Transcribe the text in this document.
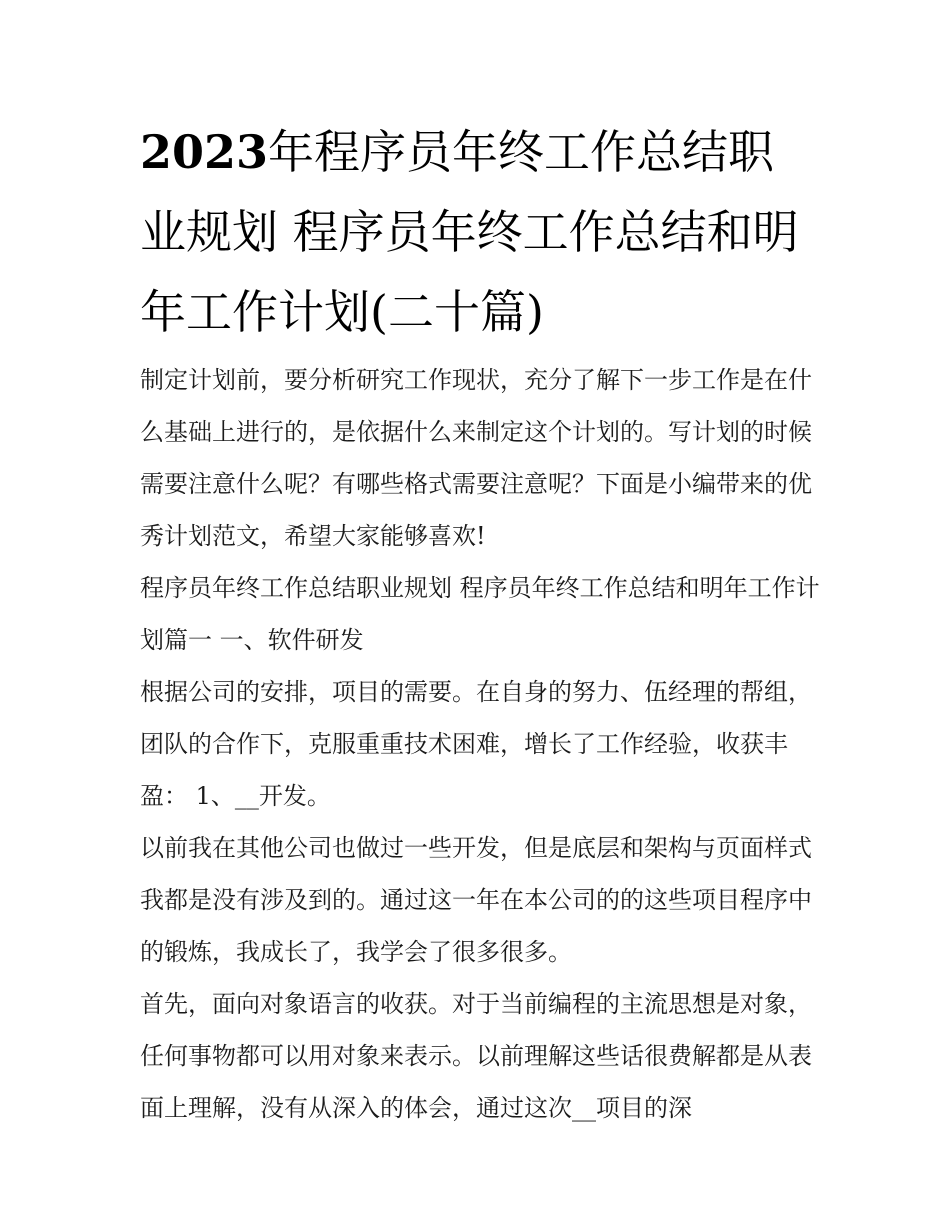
2023年程序员年终工作总结职业规划 程序员年终工作总结和明年工作计划(二十篇)

制定计划前，要分析研究工作现状，充分了解下一步工作是在什么基础上进行的，是依据什么来制定这个计划的。写计划的时候需要注意什么呢？有哪些格式需要注意呢？下面是小编带来的优秀计划范文，希望大家能够喜欢!

程序员年终工作总结职业规划 程序员年终工作总结和明年工作计划篇一 一、软件研发

根据公司的安排，项目的需要。在自身的努力、伍经理的帮组，团队的合作下，克服重重技术困难，增长了工作经验，收获丰盈： 1、__开发。

以前我在其他公司也做过一些开发，但是底层和架构与页面样式我都是没有涉及到的。通过这一年在本公司的的这些项目程序中的锻炼，我成长了，我学会了很多很多。

首先，面向对象语言的收获。对于当前编程的主流思想是对象，任何事物都可以用对象来表示。以前理解这些话很费解都是从表面上理解，没有从深入的体会，通过这次__项目的深
